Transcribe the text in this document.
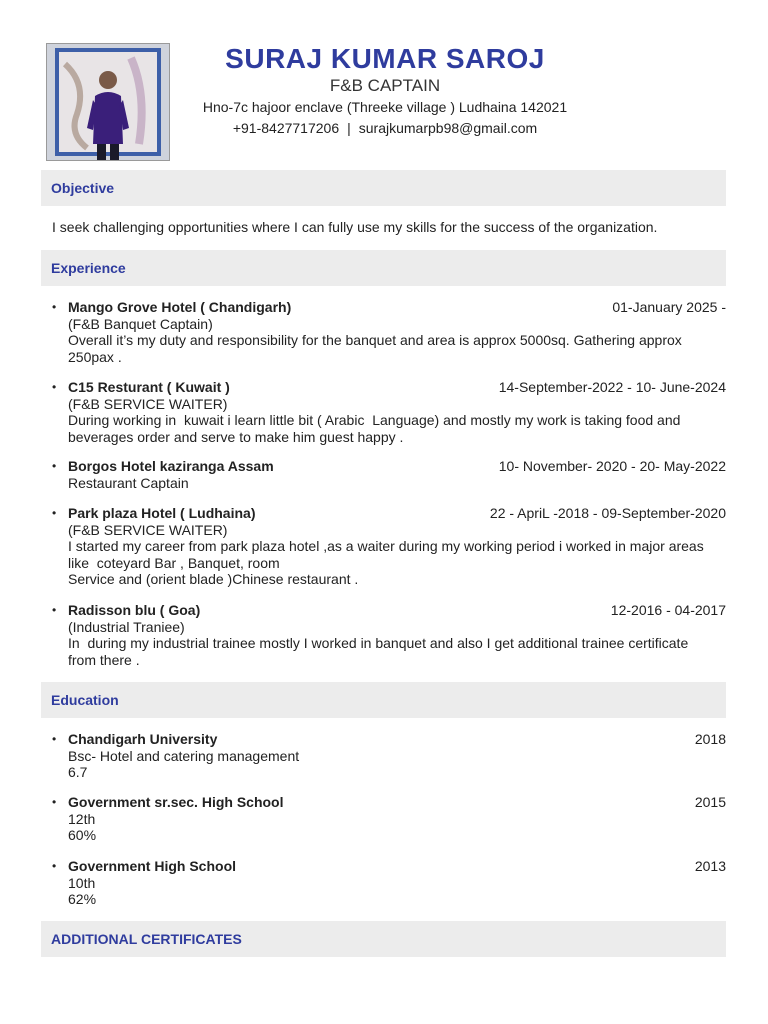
SURAJ KUMAR SAROJ
F&B CAPTAIN
Hno-7c hajoor enclave (Threeke village ) Ludhaina 142021
+91-8427717206 | surajkumarpb98@gmail.com
Objective
I seek challenging opportunities where I can fully use my skills for the success of the organization.
Experience
• Mango Grove Hotel ( Chandigarh)	01-January 2025 -
(F&B Banquet Captain)
Overall it’s my duty and responsibility for the banquet and area is approx 5000sq. Gathering approx
250pax .
• C15 Resturant ( Kuwait )	14-September-2022 - 10- June-2024
(F&B SERVICE WAITER)
During working in  kuwait i learn little bit ( Arabic  Language) and mostly my work is taking food and
beverages order and serve to make him guest happy .
• Borgos Hotel kaziranga Assam	10- November- 2020 - 20- May-2022
Restaurant Captain
• Park plaza Hotel ( Ludhaina)	22 - AprіL -2018 - 09-September-2020
(F&B SERVICE WAITER)
I started my career from park plaza hotel ,as a waiter during my working period i worked in major areas
like  coteyard Bar , Banquet, room
Service and (orient blade )Chinese restaurant .
• Radisson blu ( Goa)	12-2016 - 04-2017
(Industrial Traniee)
In  during my industrial trainee mostly I worked in banquet and also I get additional trainee certificate
from there .
Education
• Chandigarh University	2018
Bsc- Hotel and catering management
6.7
• Government sr.sec. High School	2015
12th
60%
• Government High School	2013
10th
62%
ADDITIONAL CERTIFICATES
